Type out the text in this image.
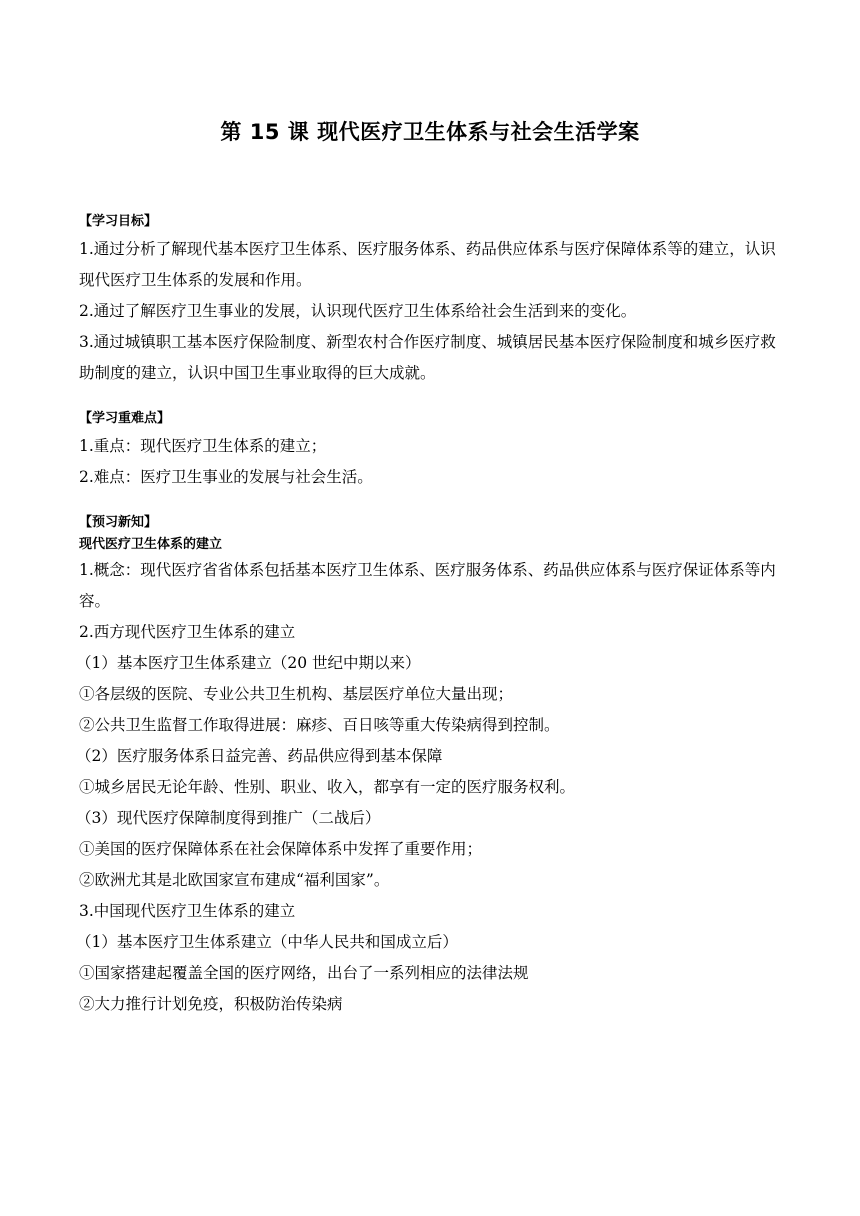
第 15 课 现代医疗卫生体系与社会生活学案
【学习目标】

1.通过分析了解现代基本医疗卫生体系、医疗服务体系、药品供应体系与医疗保障体系等的建立，认识现代医疗卫生体系的发展和作用。

2.通过了解医疗卫生事业的发展，认识现代医疗卫生体系给社会生活到来的变化。

3.通过城镇职工基本医疗保险制度、新型农村合作医疗制度、城镇居民基本医疗保险制度和城乡医疗救助制度的建立，认识中国卫生事业取得的巨大成就。

【学习重难点】

1.重点：现代医疗卫生体系的建立；

2.难点：医疗卫生事业的发展与社会生活。

【预习新知】
现代医疗卫生体系的建立

1.概念：现代医疗省省体系包括基本医疗卫生体系、医疗服务体系、药品供应体系与医疗保证体系等内容。

2.西方现代医疗卫生体系的建立

（1）基本医疗卫生体系建立（20 世纪中期以来）

①各层级的医院、专业公共卫生机构、基层医疗单位大量出现；

②公共卫生监督工作取得进展：麻疹、百日咳等重大传染病得到控制。

（2）医疗服务体系日益完善、药品供应得到基本保障

①城乡居民无论年龄、性别、职业、收入，都享有一定的医疗服务权利。

（3）现代医疗保障制度得到推广（二战后）

①美国的医疗保障体系在社会保障体系中发挥了重要作用；

②欧洲尤其是北欧国家宣布建成“福利国家”。

3.中国现代医疗卫生体系的建立

（1）基本医疗卫生体系建立（中华人民共和国成立后）

①国家搭建起覆盖全国的医疗网络，出台了一系列相应的法律法规

②大力推行计划免疫，积极防治传染病
